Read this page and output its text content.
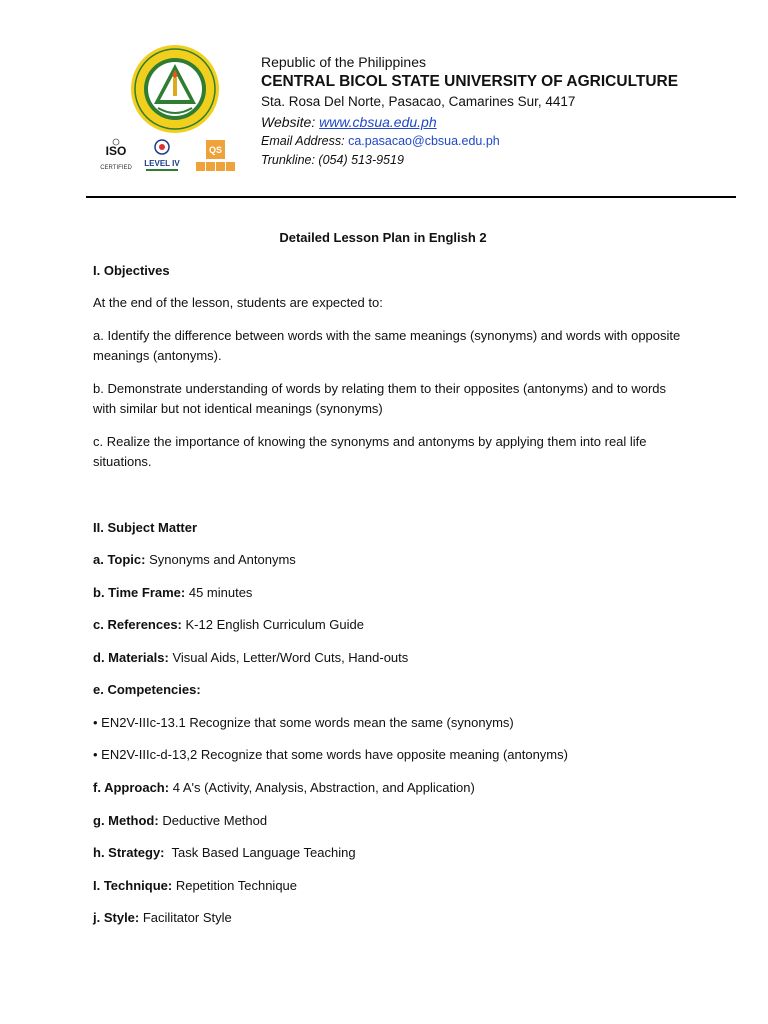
ISO
CERTIFIED LEVEL IV
QS
Republic of the Philippines
CENTRAL BICOL STATE UNIVERSITY OF AGRICULTURE
Sta. Rosa Del Norte, Pasacao, Camarines Sur, 4417
Website: www.cbsua.edu.ph
Email Address: ca.pasacao@cbsua.edu.ph
Trunkline: (054) 513-9519
Detailed Lesson Plan in English 2
I. Objectives
At the end of the lesson, students are expected to:
a. Identify the difference between words with the same meanings (synonyms) and words with opposite meanings (antonyms).
b. Demonstrate understanding of words by relating them to their opposites (antonyms) and to words with similar but not identical meanings (synonyms)
c. Realize the importance of knowing the synonyms and antonyms by applying them into real life situations.
II. Subject Matter
a. Topic: Synonyms and Antonyms
b. Time Frame: 45 minutes
c. References: K-12 English Curriculum Guide
d. Materials: Visual Aids, Letter/Word Cuts, Hand-outs
e. Competencies:
• EN2V-IIIc-13.1 Recognize that some words mean the same (synonyms)
• EN2V-IIIc-d-13,2 Recognize that some words have opposite meaning (antonyms)
f. Approach: 4 A's (Activity, Analysis, Abstraction, and Application)
g. Method: Deductive Method
h. Strategy:  Task Based Language Teaching
I. Technique: Repetition Technique
j. Style: Facilitator Style
